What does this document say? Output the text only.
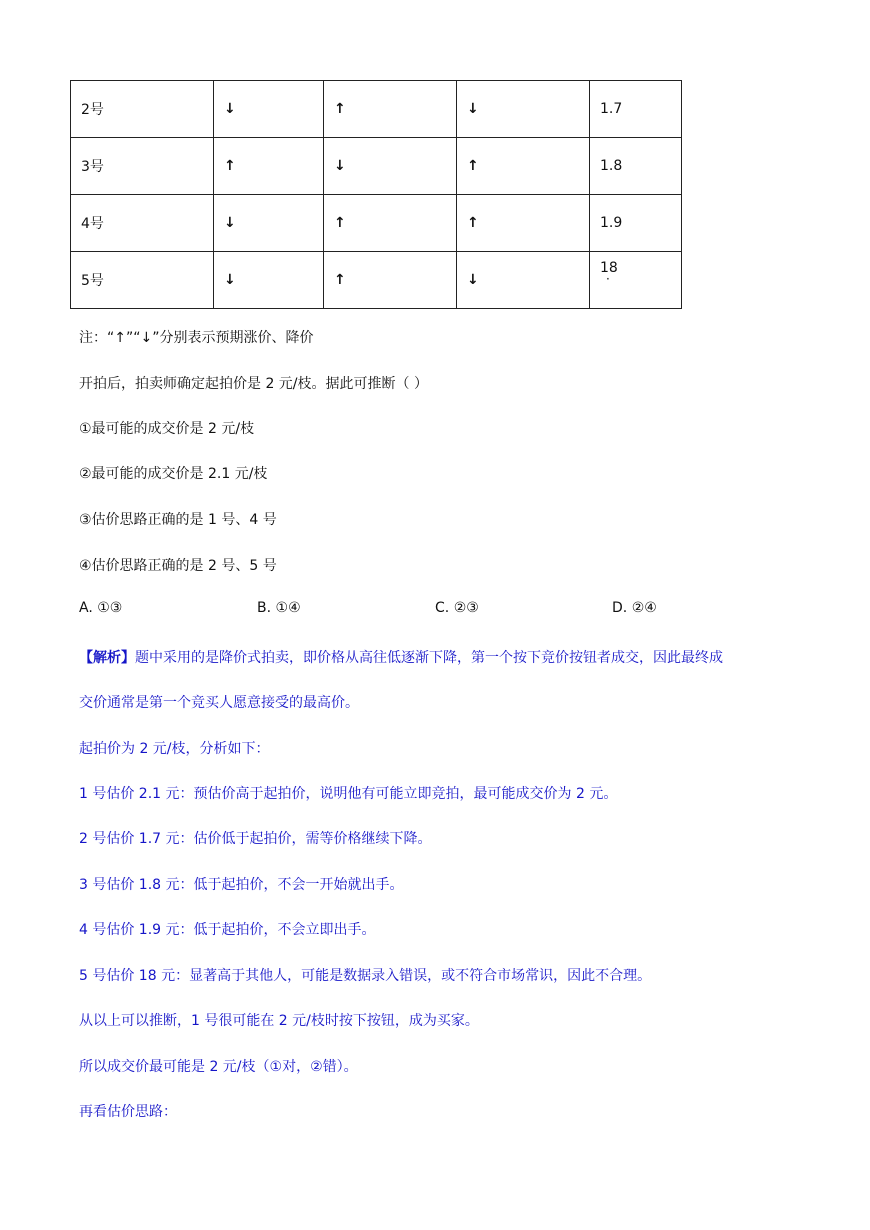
2号	↓	↑	↓	1.7
3号	↑	↓	↑	1.8
4号	↓	↑	↑	1.9
5号	↓	↑	↓	18
·
注：“↑”“↓”分别表示预期涨价、降价
开拍后，拍卖师确定起拍价是 2 元/枝。据此可推断（ ）
①最可能的成交价是 2 元/枝
②最可能的成交价是 2.1 元/枝
③估价思路正确的是 1 号、4 号
④估价思路正确的是 2 号、5 号
A. ①③	B. ①④	C. ②③	D. ②④
【解析】题中采用的是降价式拍卖，即价格从高往低逐渐下降，第一个按下竞价按钮者成交，因此最终成
交价通常是第一个竞买人愿意接受的最高价。
起拍价为 2 元/枝，分析如下：
1 号估价 2.1 元：预估价高于起拍价，说明他有可能立即竞拍，最可能成交价为 2 元。
2 号估价 1.7 元：估价低于起拍价，需等价格继续下降。
3 号估价 1.8 元：低于起拍价，不会一开始就出手。
4 号估价 1.9 元：低于起拍价，不会立即出手。
5 号估价 18 元：显著高于其他人，可能是数据录入错误，或不符合市场常识，因此不合理。
从以上可以推断，1 号很可能在 2 元/枝时按下按钮，成为买家。
所以成交价最可能是 2 元/枝（①对，②错）。
再看估价思路：
